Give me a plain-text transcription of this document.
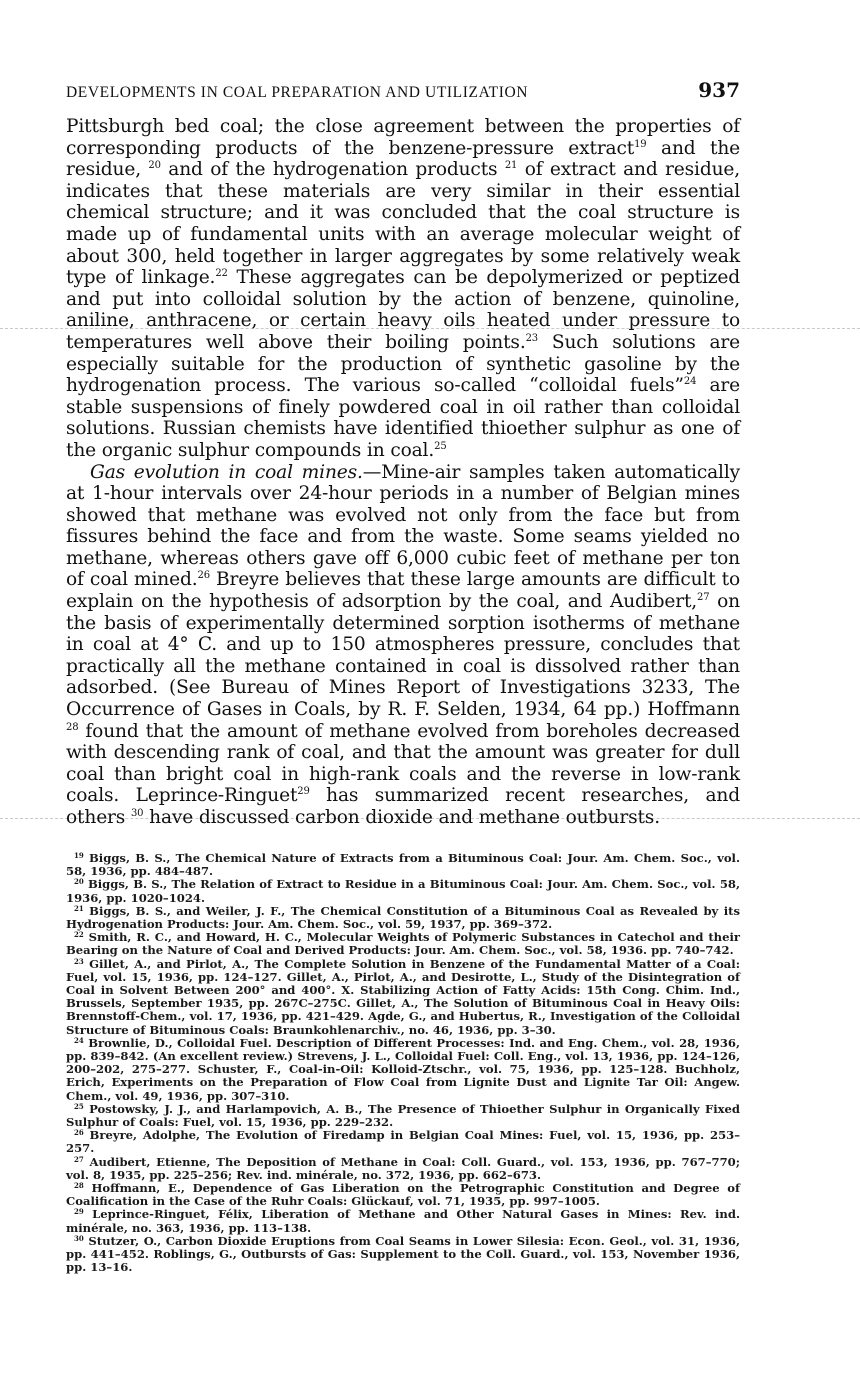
DEVELOPMENTS IN COAL PREPARATION AND UTILIZATION	937

Pittsburgh bed coal; the close agreement between the properties of corresponding products of the benzene-pressure extract$^{19}$ and the residue, $^{20}$ and of the hydrogenation products $^{21}$ of extract and residue, indicates that these materials are very similar in their essential chemical structure; and it was concluded that the coal structure is made up of fundamental units with an average molecular weight of about 300, held together in larger aggregates by some relatively weak type of linkage.$^{22}$ These aggregates can be depolymerized or peptized and put into colloidal solution by the action of benzene, quinoline, aniline, anthracene, or certain heavy oils heated under pressure to temperatures well above their boiling points.$^{23}$ Such solutions are especially suitable for the production of synthetic gasoline by the hydrogenation process. The various so-called “colloidal fuels”$^{24}$ are stable suspensions of finely powdered coal in oil rather than colloidal solutions. Russian chemists have identified thioether sulphur as one of the organic sulphur compounds in coal.$^{25}$

Gas evolution in coal mines.—Mine-air samples taken automatically at 1-hour intervals over 24-hour periods in a number of Belgian mines showed that methane was evolved not only from the face but from fissures behind the face and from the waste. Some seams yielded no methane, whereas others gave off 6,000 cubic feet of methane per ton of coal mined.$^{26}$ Breyre believes that these large amounts are difficult to explain on the hypothesis of adsorption by the coal, and Audibert,$^{27}$ on the basis of experimentally determined sorption isotherms of methane in coal at 4° C. and up to 150 atmospheres pressure, concludes that practically all the methane contained in coal is dissolved rather than adsorbed. (See Bureau of Mines Report of Investigations 3233, The Occurrence of Gases in Coals, by R. F. Selden, 1934, 64 pp.) Hoffmann $^{28}$ found that the amount of methane evolved from boreholes decreased with descending rank of coal, and that the amount was greater for dull coal than bright coal in high-rank coals and the reverse in low-rank coals. Leprince-Ringuet$^{29}$ has summarized recent researches, and others $^{30}$ have discussed carbon dioxide and methane outbursts.

$^{19}$ Biggs, B. S., The Chemical Nature of Extracts from a Bituminous Coal: Jour. Am. Chem. Soc., vol. 58, 1936, pp. 484–487.

$^{20}$ Biggs, B. S., The Relation of Extract to Residue in a Bituminous Coal: Jour. Am. Chem. Soc., vol. 58, 1936, pp. 1020–1024.

$^{21}$ Biggs, B. S., and Weiler, J. F., The Chemical Constitution of a Bituminous Coal as Revealed by its Hydrogenation Products: Jour. Am. Chem. Soc., vol. 59, 1937, pp. 369–372.

$^{22}$ Smith, R. C., and Howard, H. C., Molecular Weights of Polymeric Substances in Catechol and their Bearing on the Nature of Coal and Derived Products: Jour. Am. Chem. Soc., vol. 58, 1936. pp. 740–742.

$^{23}$ Gillet, A., and Pirlot, A., The Complete Solution in Benzene of the Fundamental Matter of a Coal: Fuel, vol. 15, 1936, pp. 124–127. Gillet, A., Pirlot, A., and Desirotte, L., Study of the Disintegration of Coal in Solvent Between 200° and 400°. X. Stabilizing Action of Fatty Acids: 15th Cong. Chim. Ind., Brussels, September 1935, pp. 267C–275C. Gillet, A., The Solution of Bituminous Coal in Heavy Oils: Brennstoff-Chem., vol. 17, 1936, pp. 421–429. Agde, G., and Hubertus, R., Investigation of the Colloidal Structure of Bituminous Coals: Braunkohlenarchiv., no. 46, 1936, pp. 3–30.

$^{24}$ Brownlie, D., Colloidal Fuel. Description of Different Processes: Ind. and Eng. Chem., vol. 28, 1936, pp. 839–842. (An excellent review.) Strevens, J. L., Colloidal Fuel: Coll. Eng., vol. 13, 1936, pp. 124–126, 200–202, 275–277. Schuster, F., Coal-in-Oil: Kolloid-Ztschr., vol. 75, 1936, pp. 125–128. Buchholz, Erich, Experiments on the Preparation of Flow Coal from Lignite Dust and Lignite Tar Oil: Angew. Chem., vol. 49, 1936, pp. 307–310.

$^{25}$ Postowsky, J. J., and Harlampovich, A. B., The Presence of Thioether Sulphur in Organically Fixed Sulphur of Coals: Fuel, vol. 15, 1936, pp. 229–232.

$^{26}$ Breyre, Adolphe, The Evolution of Firedamp in Belgian Coal Mines: Fuel, vol. 15, 1936, pp. 253–257.

$^{27}$ Audibert, Etienne, The Deposition of Methane in Coal: Coll. Guard., vol. 153, 1936, pp. 767–770; vol. 8, 1935, pp. 225–256; Rev. ind. minérale, no. 372, 1936, pp. 662–673.

$^{28}$ Hoffmann, E., Dependence of Gas Liberation on the Petrographic Constitution and Degree of Coalification in the Case of the Ruhr Coals: Glückauf, vol. 71, 1935, pp. 997–1005.

$^{29}$ Leprince-Ringuet, Félix, Liberation of Methane and Other Natural Gases in Mines: Rev. ind. minérale, no. 363, 1936, pp. 113–138.

$^{30}$ Stutzer, O., Carbon Dioxide Eruptions from Coal Seams in Lower Silesia: Econ. Geol., vol. 31, 1936, pp. 441–452. Roblings, G., Outbursts of Gas: Supplement to the Coll. Guard., vol. 153, November 1936, pp. 13–16.
